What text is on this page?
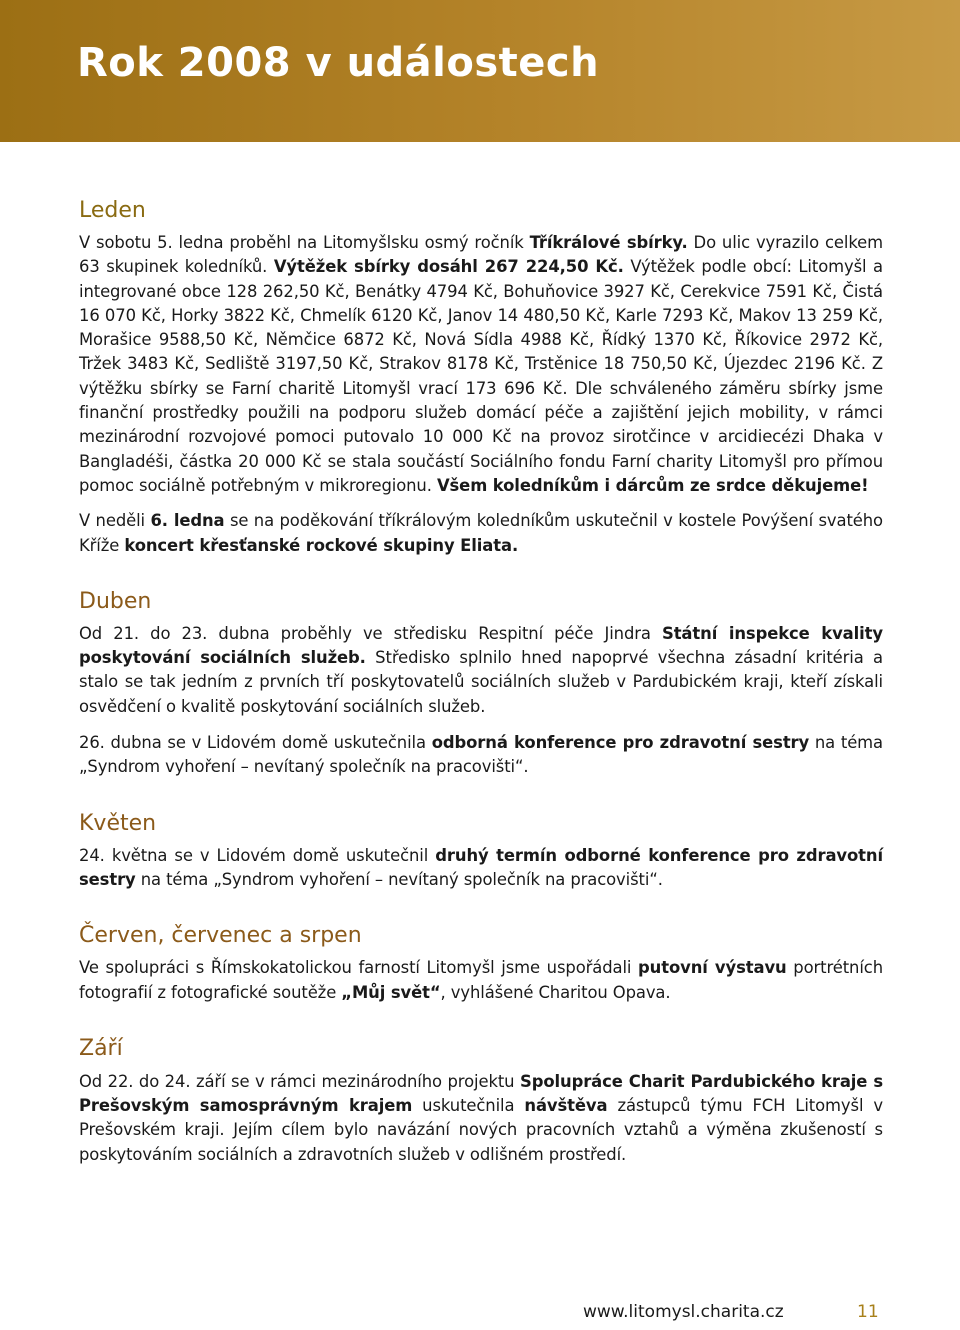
Rok 2008 v událostech
Leden

V sobotu 5. ledna proběhl na Litomyšlsku osmý ročník Tříkrálové sbírky. Do ulic vyrazilo celkem 63 skupinek koledníků. Výtěžek sbírky dosáhl 267 224,50 Kč. Výtěžek podle obcí: Litomyšl a integrované obce 128 262,50 Kč, Benátky 4794 Kč, Bohuňovice 3927 Kč, Cerekvice 7591 Kč, Čistá 16 070 Kč, Horky 3822 Kč, Chmelík 6120 Kč, Janov 14 480,50 Kč, Karle 7293 Kč, Makov 13 259 Kč, Morašice 9588,50 Kč, Němčice 6872 Kč, Nová Sídla 4988 Kč, Řídký 1370 Kč, Říkovice 2972 Kč, Tržek 3483 Kč, Sedliště 3197,50 Kč, Strakov 8178 Kč, Trstěnice 18 750,50 Kč, Újezdec 2196 Kč. Z výtěžku sbírky se Farní charitě Litomyšl vrací 173 696 Kč. Dle schváleného záměru sbírky jsme finanční prostředky použili na podporu služeb domácí péče a zajištění jejich mobility, v rámci mezinárodní rozvojové pomoci putovalo 10 000 Kč na provoz sirotčince v arcidiecézi Dhaka v Bangladéši, částka 20 000 Kč se stala součástí Sociálního fondu Farní charity Litomyšl pro přímou pomoc sociálně potřebným v mikroregionu. Všem koledníkům i dárcům ze srdce děkujeme!

V neděli 6. ledna se na poděkování tříkrálovým koledníkům uskutečnil v kostele Povýšení svatého Kříže koncert křesťanské rockové skupiny Eliata.

Duben

Od 21. do 23. dubna proběhly ve středisku Respitní péče Jindra Státní inspekce kvality poskytování sociálních služeb. Středisko splnilo hned napoprvé všechna zásadní kritéria a stalo se tak jedním z prvních tří poskytovatelů sociálních služeb v Pardubickém kraji, kteří získali osvědčení o kvalitě poskytování sociálních služeb.

26. dubna se v Lidovém domě uskutečnila odborná konference pro zdravotní sestry na téma „Syndrom vyhoření – nevítaný společník na pracovišti“.

Květen

24. května se v Lidovém domě uskutečnil druhý termín odborné konference pro zdravotní sestry na téma „Syndrom vyhoření – nevítaný společník na pracovišti“.

Červen, červenec a srpen

Ve spolupráci s Římskokatolickou farností Litomyšl jsme uspořádali putovní výstavu portrétních fotografií z fotografické soutěže „Můj svět“, vyhlášené Charitou Opava.

Září

Od 22. do 24. září se v rámci mezinárodního projektu Spolupráce Charit Pardubického kraje s Prešovským samosprávným krajem uskutečnila návštěva zástupců týmu FCH Litomyšl v Prešovském kraji. Jejím cílem bylo navázání nových pracovních vztahů a výměna zkušeností s poskytováním sociálních a zdravotních služeb v odlišném prostředí.

www.litomysl.charita.cz	11
